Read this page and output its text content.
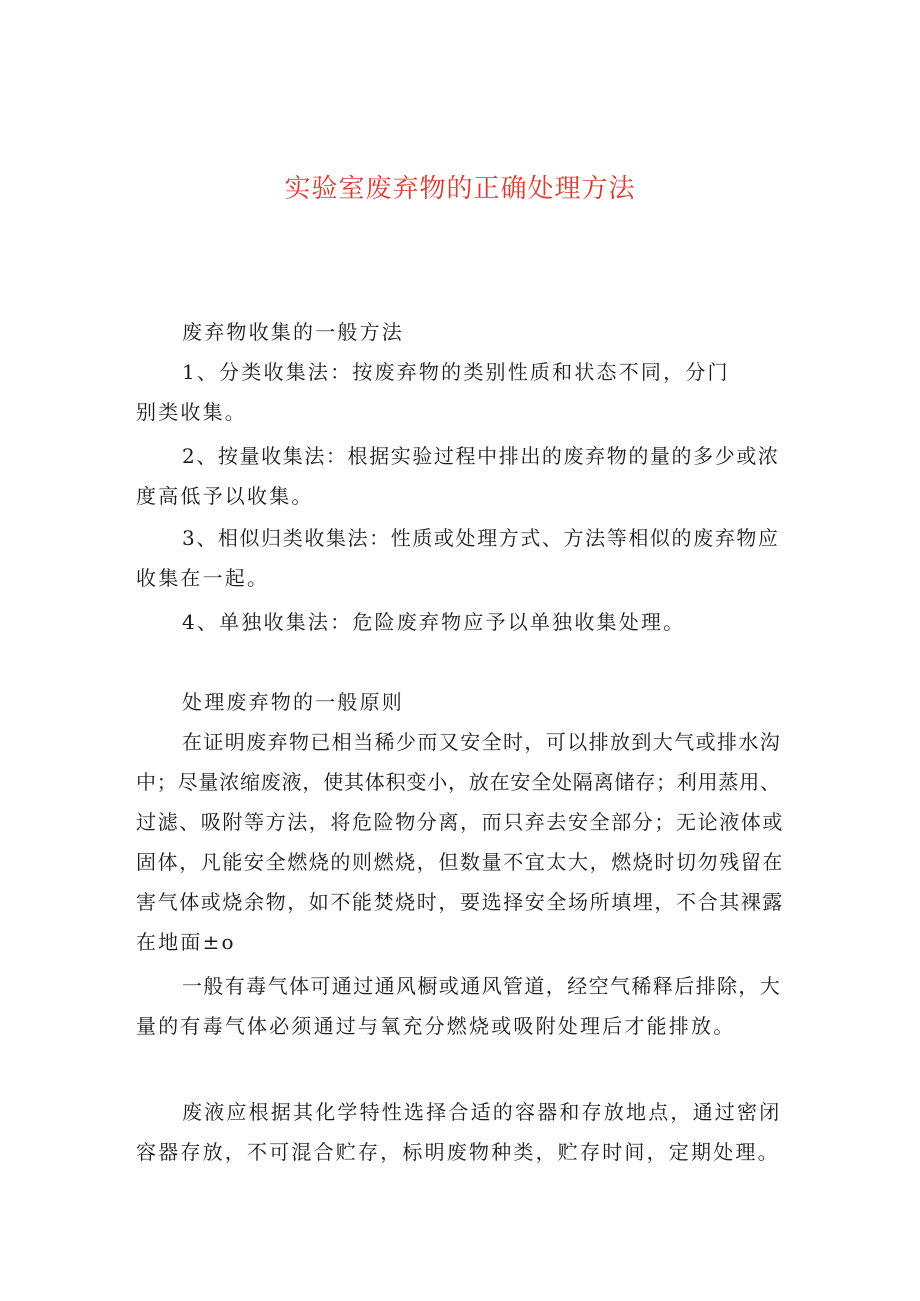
实验室废弃物的正确处理方法
废弃物收集的一般方法
1、分类收集法：按废弃物的类别性质和状态不同，分门
别类收集。
2、按量收集法：根据实验过程中排出的废弃物的量的多少或浓
度高低予以收集。
3、相似归类收集法：性质或处理方式、方法等相似的废弃物应
收集在一起。
4、单独收集法：危险废弃物应予以单独收集处理。
处理废弃物的一般原则
在证明废弃物已相当稀少而又安全时，可以排放到大气或排水沟
中；尽量浓缩废液，使其体积变小，放在安全处隔离储存；利用蒸用、
过滤、吸附等方法，将危险物分离，而只弃去安全部分；无论液体或
固体，凡能安全燃烧的则燃烧，但数量不宜太大，燃烧时切勿残留在
害气体或烧余物，如不能焚烧时，要选择安全场所填埋，不合其裸露
在地面±o
一般有毒气体可通过通风橱或通风管道，经空气稀释后排除，大
量的有毒气体必须通过与氧充分燃烧或吸附处理后才能排放。
废液应根据其化学特性选择合适的容器和存放地点，通过密闭
容器存放，不可混合贮存，标明废物种类，贮存时间，定期处理。
